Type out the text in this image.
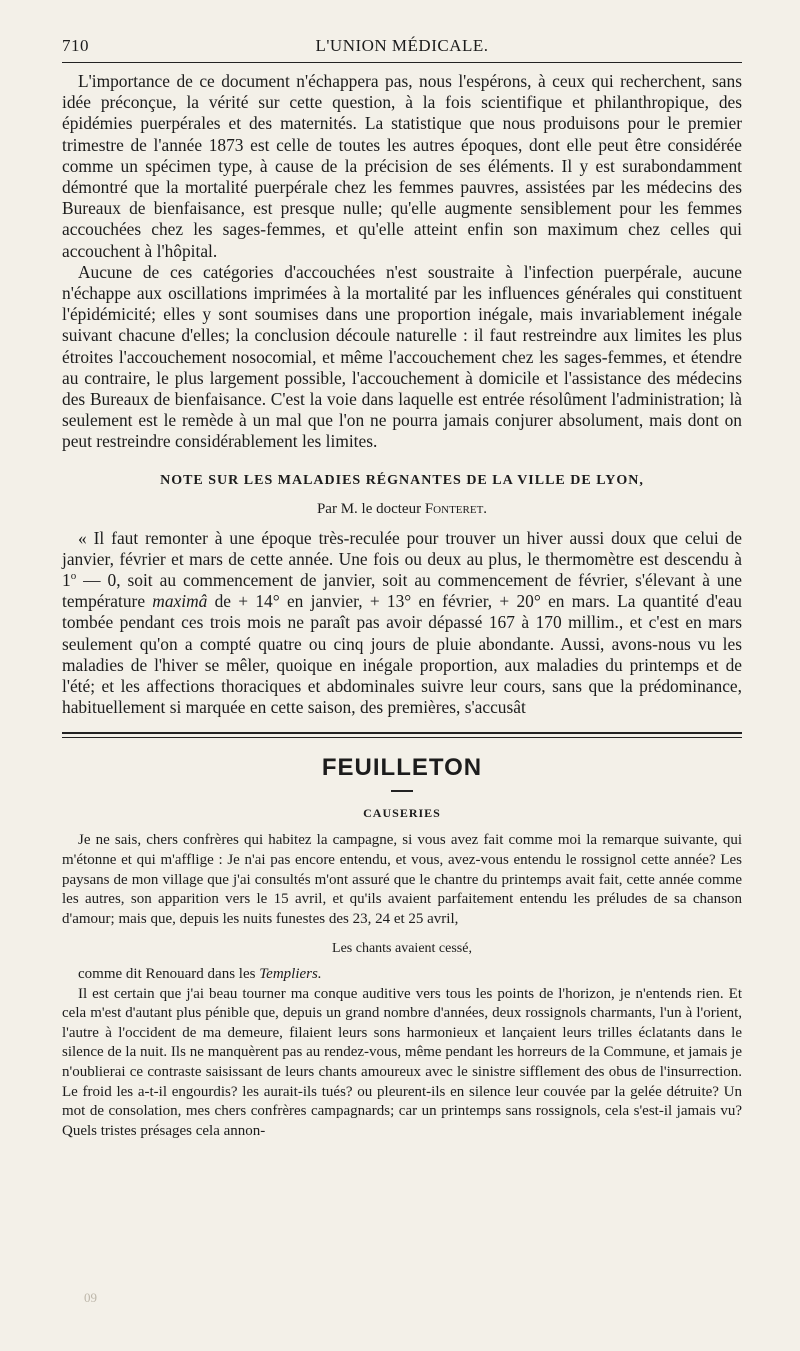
710	L'UNION MÉDICALE.

L'importance de ce document n'échappera pas, nous l'espérons, à ceux qui recherchent, sans idée préconçue, la vérité sur cette question, à la fois scientifique et philanthropique, des épidémies puerpérales et des maternités. La statistique que nous produisons pour le premier trimestre de l'année 1873 est celle de toutes les autres époques, dont elle peut être considérée comme un spécimen type, à cause de la précision de ses éléments. Il y est surabondamment démontré que la mortalité puerpérale chez les femmes pauvres, assistées par les médecins des Bureaux de bienfaisance, est presque nulle; qu'elle augmente sensiblement pour les femmes accouchées chez les sages-femmes, et qu'elle atteint enfin son maximum chez celles qui accouchent à l'hôpital.

Aucune de ces catégories d'accouchées n'est soustraite à l'infection puerpérale, aucune n'échappe aux oscillations imprimées à la mortalité par les influences générales qui constituent l'épidémicité; elles y sont soumises dans une proportion inégale, mais invariablement inégale suivant chacune d'elles; la conclusion découle naturelle : il faut restreindre aux limites les plus étroites l'accouchement nosocomial, et même l'accouchement chez les sages-femmes, et étendre au contraire, le plus largement possible, l'accouchement à domicile et l'assistance des médecins des Bureaux de bienfaisance. C'est la voie dans laquelle est entrée résolûment l'administration; là seulement est le remède à un mal que l'on ne pourra jamais conjurer absolument, mais dont on peut restreindre considérablement les limites.

NOTE SUR LES MALADIES RÉGNANTES DE LA VILLE DE LYON,
Par M. le docteur Fonteret.

« Il faut remonter à une époque très-reculée pour trouver un hiver aussi doux que celui de janvier, février et mars de cette année. Une fois ou deux au plus, le thermomètre est descendu à 1$^o$ — 0, soit au commencement de janvier, soit au commencement de février, s'élevant à une température maximâ de + 14° en janvier, + 13° en février, + 20° en mars. La quantité d'eau tombée pendant ces trois mois ne paraît pas avoir dépassé 167 à 170 millim., et c'est en mars seulement qu'on a compté quatre ou cinq jours de pluie abondante. Aussi, avons-nous vu les maladies de l'hiver se mêler, quoique en inégale proportion, aux maladies du printemps et de l'été; et les affections thoraciques et abdominales suivre leur cours, sans que la prédominance, habituellement si marquée en cette saison, des premières, s'accusât

FEUILLETON
CAUSERIES

Je ne sais, chers confrères qui habitez la campagne, si vous avez fait comme moi la remarque suivante, qui m'étonne et qui m'afflige : Je n'ai pas encore entendu, et vous, avez-vous entendu le rossignol cette année? Les paysans de mon village que j'ai consultés m'ont assuré que le chantre du printemps avait fait, cette année comme les autres, son apparition vers le 15 avril, et qu'ils avaient parfaitement entendu les préludes de sa chanson d'amour; mais que, depuis les nuits funestes des 23, 24 et 25 avril,

Les chants avaient cessé,

comme dit Renouard dans les Templiers.

Il est certain que j'ai beau tourner ma conque auditive vers tous les points de l'horizon, je n'entends rien. Et cela m'est d'autant plus pénible que, depuis un grand nombre d'années, deux rossignols charmants, l'un à l'orient, l'autre à l'occident de ma demeure, filaient leurs sons harmonieux et lançaient leurs trilles éclatants dans le silence de la nuit. Ils ne manquèrent pas au rendez-vous, même pendant les horreurs de la Commune, et jamais je n'oublierai ce contraste saisissant de leurs chants amoureux avec le sinistre sifflement des obus de l'insurrection. Le froid les a-t-il engourdis? les aurait-ils tués? ou pleurent-ils en silence leur couvée par la gelée détruite? Un mot de consolation, mes chers confrères campagnards; car un printemps sans rossignols, cela s'est-il jamais vu? Quels tristes présages cela annon-

09
